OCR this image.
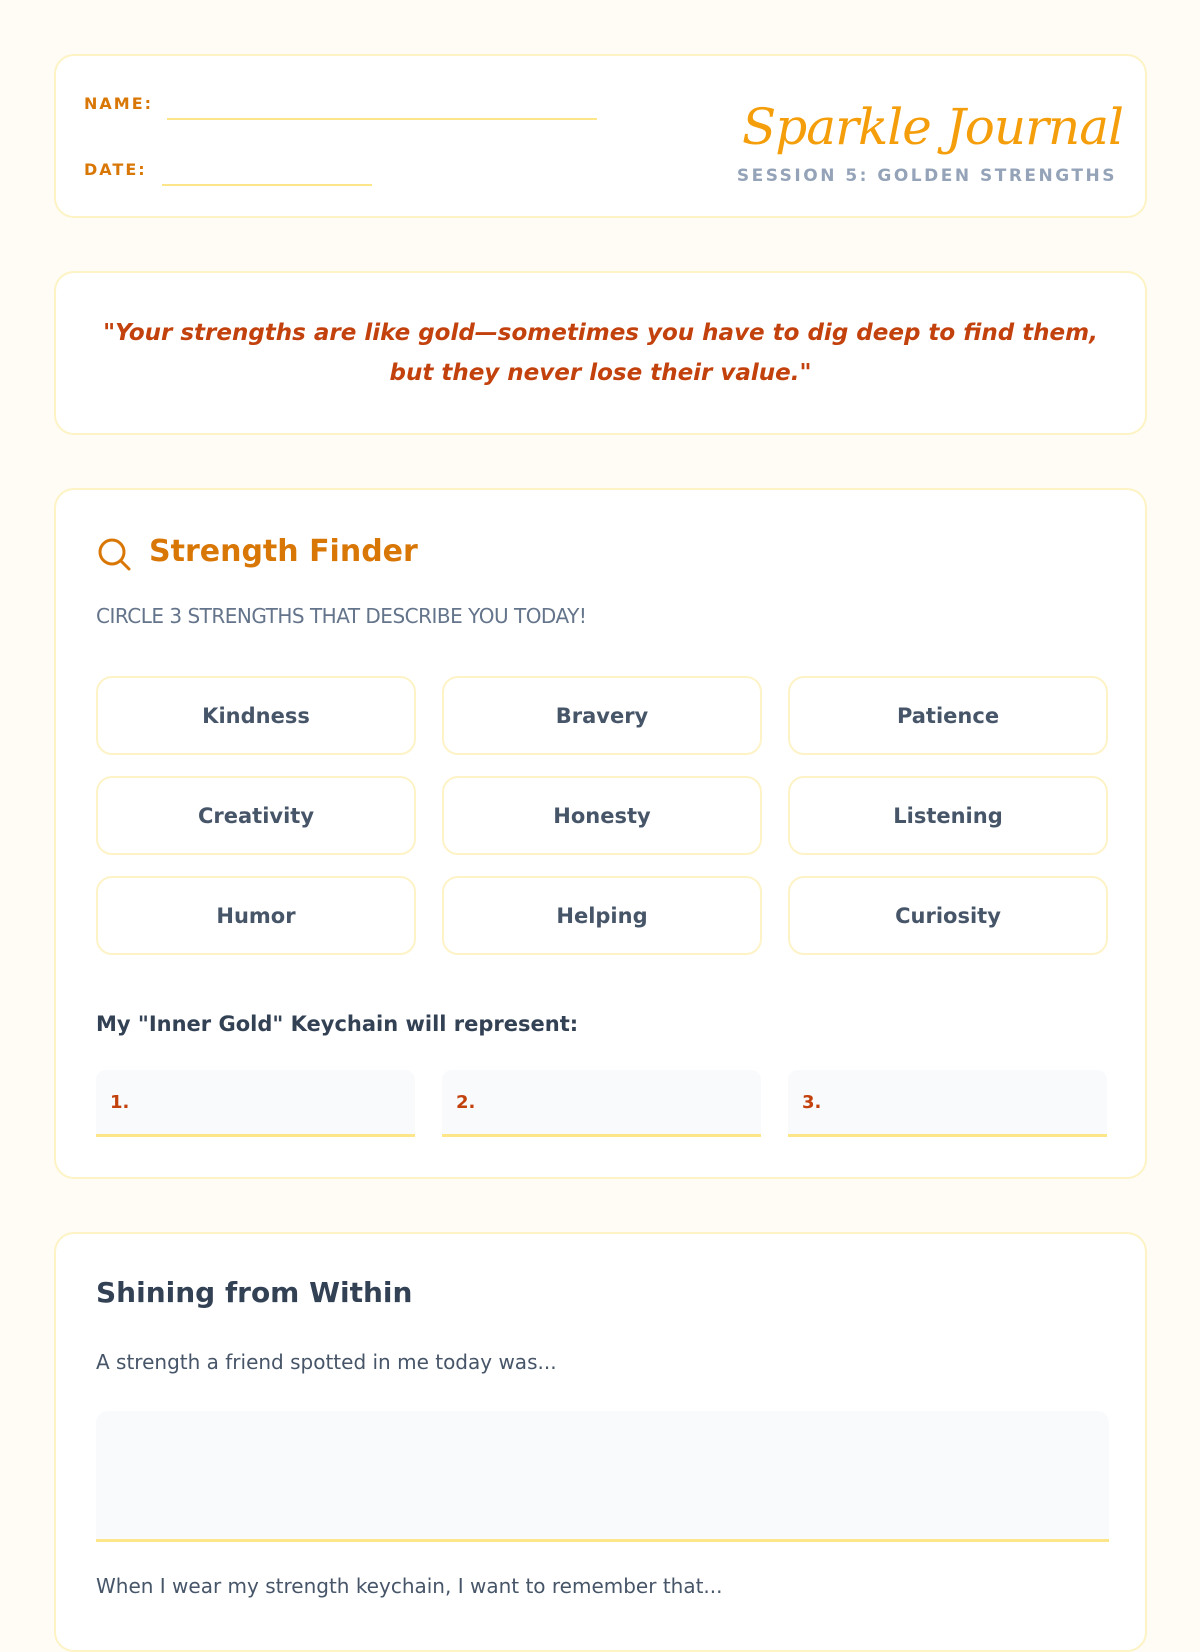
NAME:
DATE:
Sparkle Journal
SESSION 5: GOLDEN STRENGTHS
"Your strengths are like gold—sometimes you have to dig deep to find them, but they never lose their value."
Strength Finder
CIRCLE 3 STRENGTHS THAT DESCRIBE YOU TODAY!
Kindness	Bravery	Patience
Creativity	Honesty	Listening
Humor	Helping	Curiosity
My "Inner Gold" Keychain will represent:
1.	2.	3.
Shining from Within
A strength a friend spotted in me today was...
When I wear my strength keychain, I want to remember that...
